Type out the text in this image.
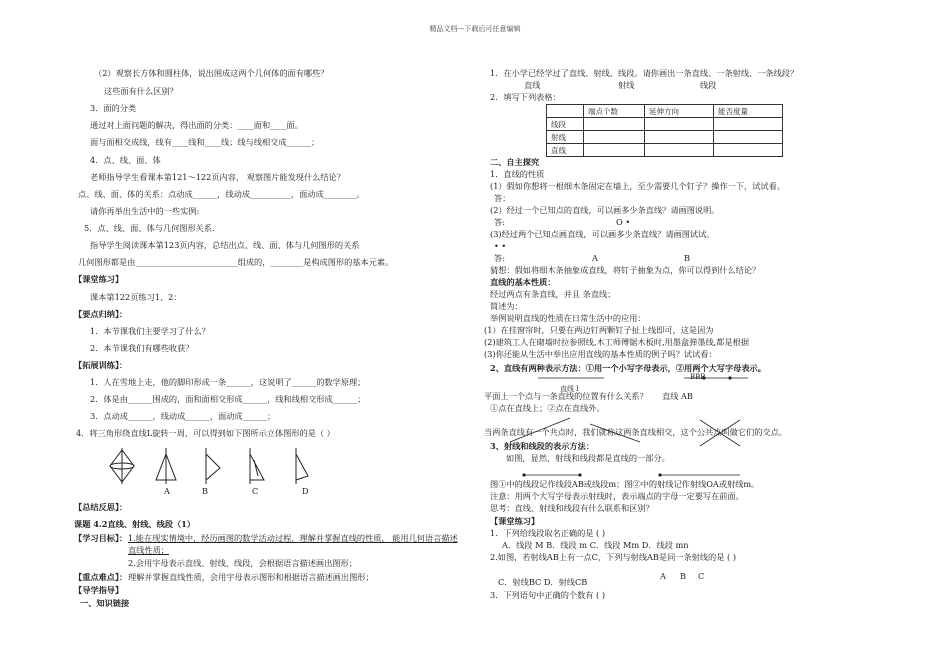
精品文档---下载后可任意编辑
（2）观察长方体和圆柱体，说出围成这两个几何体的面有哪些？
这些面有什么区别？
3．面的分类
通过对上面问题的解决，得出面的分类：____面和____面。
面与面相交成线，线有____线和____线；线与线相交成______；
4．点、线、面、体
老师指导学生看课本第121～122页内容， 观察图片能发现什么结论？
点、线、面、体的关系：点动成______，线动成__________，面动成________。
请你再举出生活中的一些实例:
5．点、线、面、体与几何图形关系.
指导学生阅读课本第123页内容，总结出点、线、面、体与几何图形的关系
几何图形都是由_________________________组成的，________是构成图形的基本元素。
【课堂练习】
课本第122页练习1、2：
【要点归纳】：
1．本节课我们主要学习了什么？
2．本节课我们有哪些收获？
【拓展训练】：
1．人在雪地上走，他的脚印形成一条______，这说明了______的数学原理；
2．体是由______围成的，面和面相交形成______，线和线相交形成______；
3．点动成______，线动成______，面动成______；
4．将三角形绕直线L旋转一周，可以得到如下图所示立体图形的是（ ）
A	B	C	D
【总结反思】：
课题 4.2直线、射线、线段（1）
【学习目标】： 1.能在现实情境中，经历画图的数学活动过程，理解并掌握直线的性质， 能用几何语言描述
直线性质；
2.会用字母表示直线、射线、线段，会根据语言描述画出图形；
【重点难点】： 理解并掌握直线性质，会用字母表示图形和根据语言描述画出图形；
【导学指导】
一、知识链接
1．在小学已经学过了直线、射线、线段。请你画出一条直线、一条射线、一条线段？
直线	射线	线段
2．填写下列表格：
	端点个数	延伸方向	能否度量
线段			
射线			
直线			
二、自主探究
1．直线的性质
(1）假如你想将一根细木条固定在墙上，至少需要几个钉子？操作一下，试试看。
答：
(2）经过一个已知点的直线，可以画多少条直线？请画图说明。
答:	O •
(3)经过两个已知点画直线，可以画多少条直线？请画图试试。
• •
答:	A	B
猜想：假如将细木条抽象成直线，将钉子抽象为点，你可以得到什么结论？
直线的基本性质：
经过两点有条直线，并且 条直线；
简述为：
举例说明直线的性质在日常生活中的应用：
(1）在挂窗帘时，只要在两边钉两颗钉子扯上线即可，这是因为
(2)建筑工人在砌墙时拉参照线,木工师傅锯木板时,用墨盒弹墨线,都是根据
(3)你还能从生活中举出应用直线的基本性质的例子吗？试试看：
2、直线有两种表示方法：①用一个小写字母表示，②用两个大写字母表示。
BBB
直线 l
平面上一个点与一条直线的位置有什么关系？ 直线 AB
①点在直线上；②点在直线外。
当两条直线有一个共点时，我们就称这两条直线相交，这个公共点叫做它们的交点。
3、射线和线段的表示方法：
如图，显然，射线和线段都是直线的一部分。
图①中的线段记作线段AB或线段m；图②中的射线记作射线OA或射线m。
注意：用两个大写字母表示射线时，表示端点的字母一定要写在前面。
思考：直线、射线和线段有什么联系和区别？
【课堂练习】
1．下列给线段取名正确的是 ( )
A．线段 M B．线段 m C．线段 Mm D．线段 mn
2.如图，若射线AB上有一点C，下列与射线AB是同一条射线的是 ( )
A B C
C．射线BC D．射线CB
3．下列语句中正确的个数有 ( )
